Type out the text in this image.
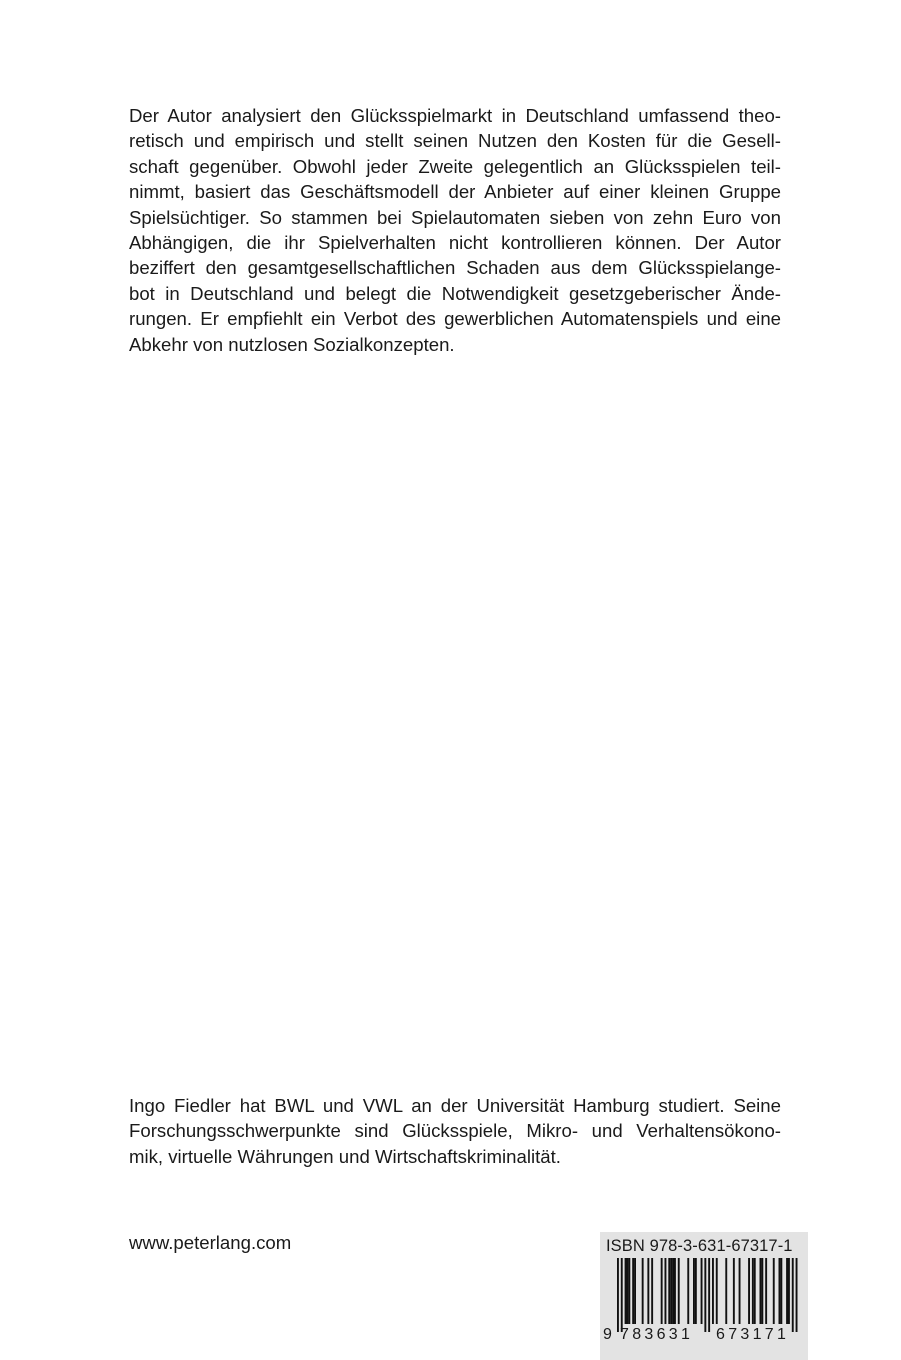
Der Autor analysiert den Glücksspielmarkt in Deutschland umfassend theo-
retisch und empirisch und stellt seinen Nutzen den Kosten für die Gesell-
schaft gegenüber. Obwohl jeder Zweite gelegentlich an Glücksspielen teil-
nimmt, basiert das Geschäftsmodell der Anbieter auf einer kleinen Gruppe
Spielsüchtiger. So stammen bei Spielautomaten sieben von zehn Euro von
Abhängigen, die ihr Spielverhalten nicht kontrollieren können. Der Autor
beziffert den gesamtgesellschaftlichen Schaden aus dem Glücksspielange-
bot in Deutschland und belegt die Notwendigkeit gesetzgeberischer Ände-
rungen. Er empfiehlt ein Verbot des gewerblichen Automatenspiels und eine
Abkehr von nutzlosen Sozialkonzepten.
Ingo Fiedler hat BWL und VWL an der Universität Hamburg studiert. Seine
Forschungsschwerpunkte sind Glücksspiele, Mikro- und Verhaltensökono-
mik, virtuelle Währungen und Wirtschaftskriminalität.
www.peterlang.com	ISBN 978-3-631-67317-1
9 783631 673171
